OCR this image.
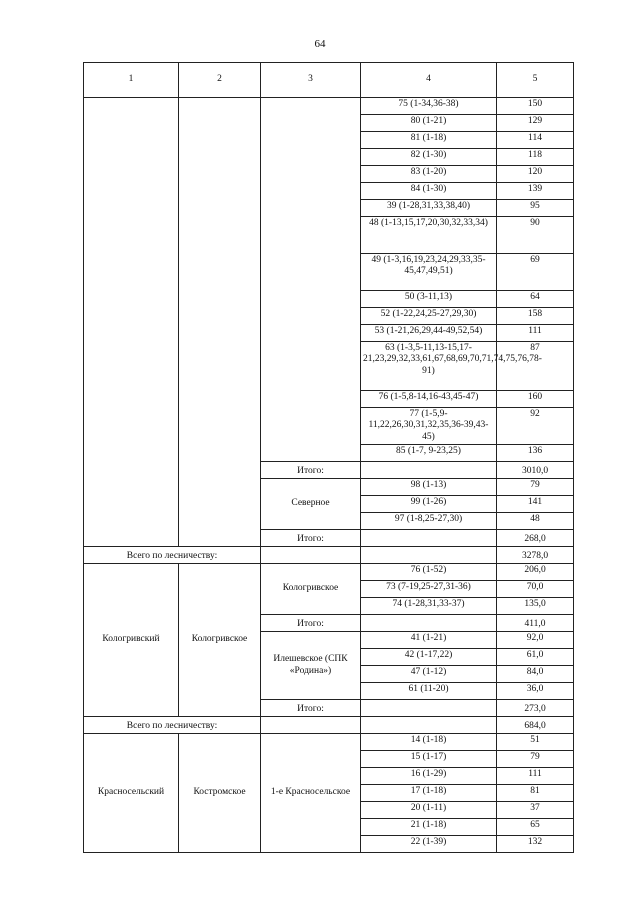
64
1	2	3	4	5
			75 (1-34,36-38)	150
			80 (1-21)	129
			81 (1-18)	114
			82 (1-30)	118
			83 (1-20)	120
			84 (1-30)	139
			39 (1-28,31,33,38,40)	95
			48 (1-13,15,17,20,30,32,33,34)	90
			49 (1-3,16,19,23,24,29,33,35-45,47,49,51)	69
			50 (3-11,13)	64
			52 (1-22,24,25-27,29,30)	158
			53 (1-21,26,29,44-49,52,54)	111
			63 (1-3,5-11,13-15,17-21,23,29,32,33,61,67,68,69,70,71,74,75,76,78-91)	87
			76 (1-5,8-14,16-43,45-47)	160
			77 (1-5,9-11,22,26,30,31,32,35,36-39,43-45)	92
			85 (1-7, 9-23,25)	136
		Итого:		3010,0
		Северное	98 (1-13)	79
			99 (1-26)	141
			97 (1-8,25-27,30)	48
		Итого:		268,0
Всего по лесничеству:				3278,0
Кологривский	Кологривское	Кологривское	76 (1-52)	206,0
			73 (7-19,25-27,31-36)	70,0
			74 (1-28,31,33-37)	135,0
		Итого:		411,0
		Илешевское (СПК «Родина»)	41 (1-21)	92,0
			42 (1-17,22)	61,0
			47 (1-12)	84,0
			61 (11-20)	36,0
		Итого:		273,0
Всего по лесничеству:				684,0
Красносельский	Костромское	1-е Красносельское	14 (1-18)	51
			15 (1-17)	79
			16 (1-29)	111
			17 (1-18)	81
			20 (1-11)	37
			21 (1-18)	65
			22 (1-39)	132
